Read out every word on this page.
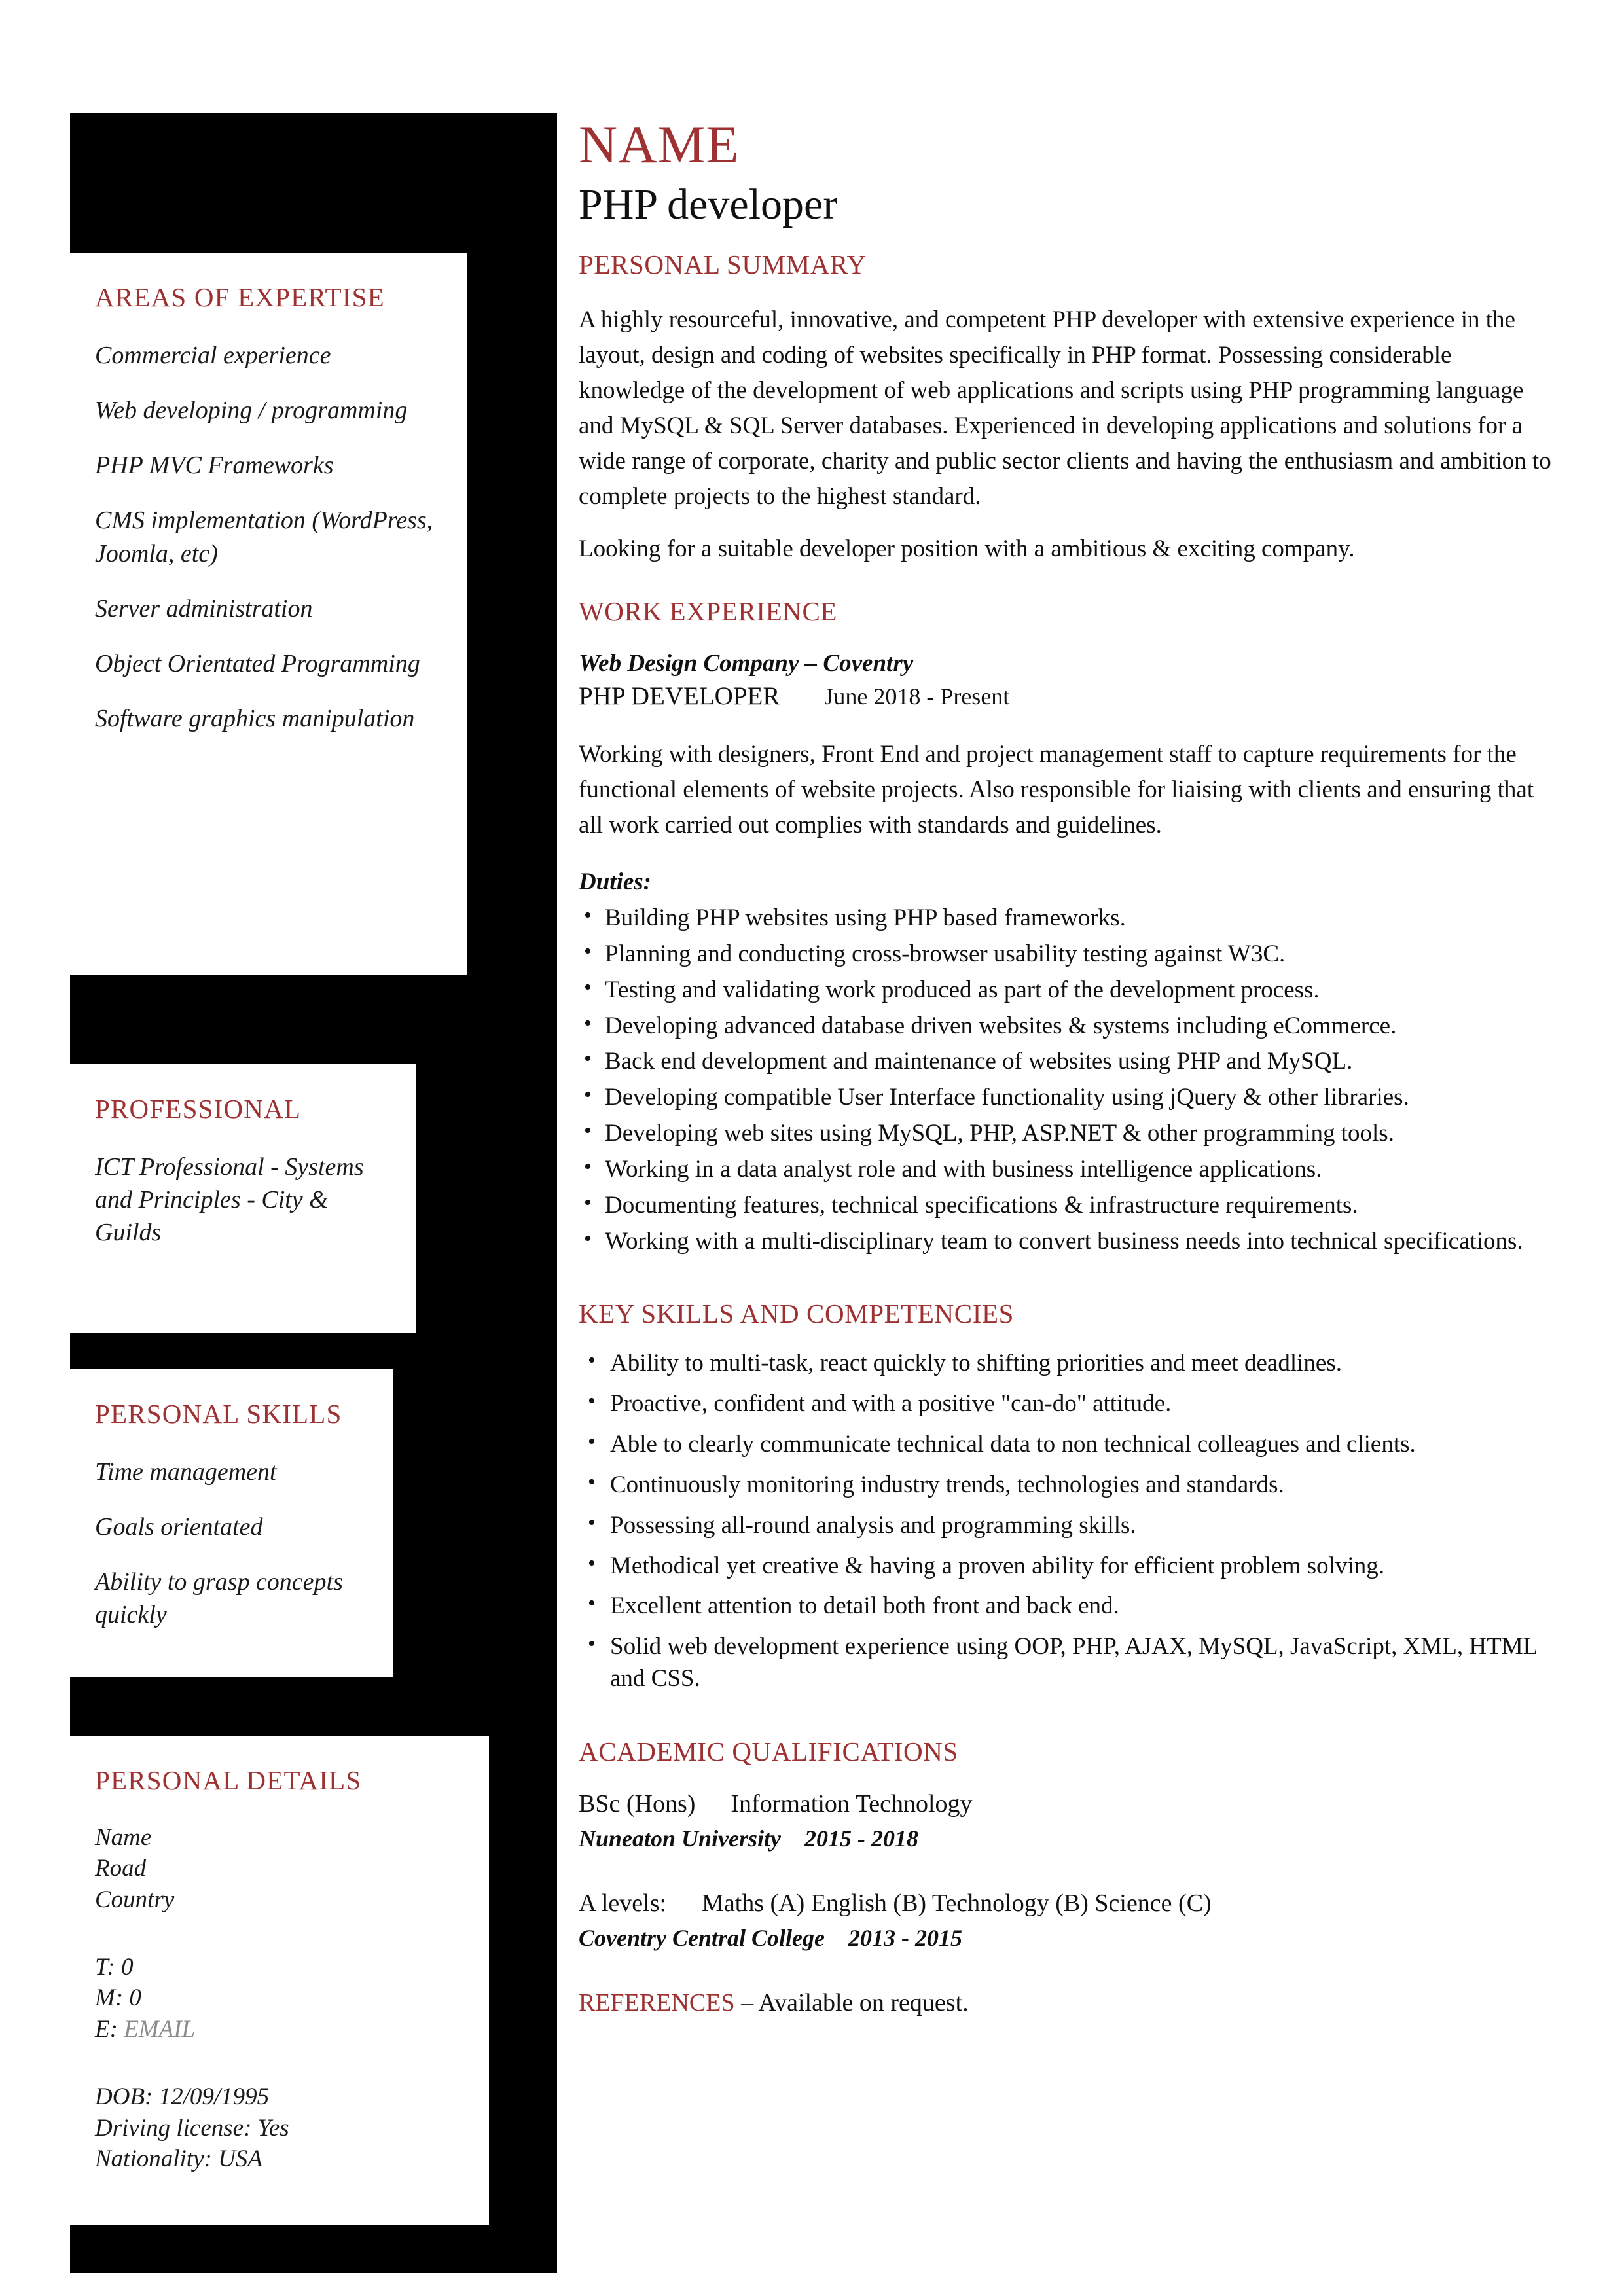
AREAS OF EXPERTISE
Commercial experience
Web developing / programming
PHP MVC Frameworks
CMS implementation (WordPress, Joomla, etc)
Server administration
Object Orientated Programming
Software graphics manipulation
PROFESSIONAL
ICT Professional - Systems and Principles - City & Guilds
PERSONAL SKILLS
Time management
Goals orientated
Ability to grasp concepts quickly
PERSONAL DETAILS
Name
Road
Country
T: 0
M: 0
E: EMAIL
DOB: 12/09/1995
Driving license: Yes
Nationality: USA
NAME
PHP developer
PERSONAL SUMMARY

A highly resourceful, innovative, and competent PHP developer with extensive experience in the layout, design and coding of websites specifically in PHP format. Possessing considerable knowledge of the development of web applications and scripts using PHP programming language and MySQL & SQL Server databases. Experienced in developing applications and solutions for a wide range of corporate, charity and public sector clients and having the enthusiasm and ambition to complete projects to the highest standard.

Looking for a suitable developer position with a ambitious & exciting company.

WORK EXPERIENCE
Web Design Company – Coventry
PHP DEVELOPER June 2018 - Present

Working with designers, Front End and project management staff to capture requirements for the functional elements of website projects. Also responsible for liaising with clients and ensuring that all work carried out complies with standards and guidelines.

Duties:
• Building PHP websites using PHP based frameworks.
• Planning and conducting cross-browser usability testing against W3C.
• Testing and validating work produced as part of the development process.
• Developing advanced database driven websites & systems including eCommerce.
• Back end development and maintenance of websites using PHP and MySQL.
• Developing compatible User Interface functionality using jQuery & other libraries.
• Developing web sites using MySQL, PHP, ASP.NET & other programming tools.
• Working in a data analyst role and with business intelligence applications.
• Documenting features, technical specifications & infrastructure requirements.
• Working with a multi-disciplinary team to convert business needs into technical specifications.
KEY SKILLS AND COMPETENCIES
• Ability to multi-task, react quickly to shifting priorities and meet deadlines.
• Proactive, confident and with a positive "can-do" attitude.
• Able to clearly communicate technical data to non technical colleagues and clients.
• Continuously monitoring industry trends, technologies and standards.
• Possessing all-round analysis and programming skills.
• Methodical yet creative & having a proven ability for efficient problem solving.
• Excellent attention to detail both front and back end.
• Solid web development experience using OOP, PHP, AJAX, MySQL, JavaScript, XML, HTML and CSS.
ACADEMIC QUALIFICATIONS
BSc (Hons) Information Technology
Nuneaton University 2015 - 2018
A levels: Maths (A) English (B) Technology (B) Science (C)
Coventry Central College 2013 - 2015
REFERENCES – Available on request.
